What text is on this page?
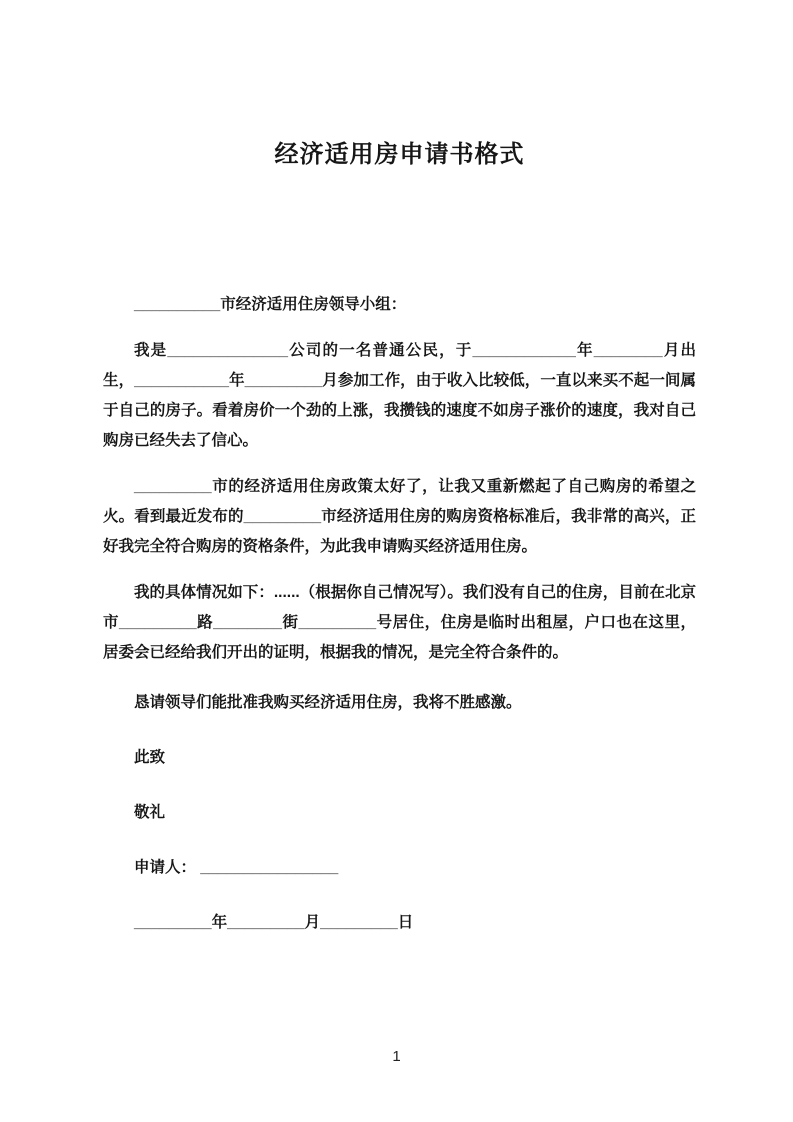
经济适用房申请书格式

__________市经济适用住房领导小组：

我是______________公司的一名普通公民，于____________年________月出生，___________年_________月参加工作，由于收入比较低，一直以来买不起一间属于自己的房子。看着房价一个劲的上涨，我攒钱的速度不如房子涨价的速度，我对自己购房已经失去了信心。

_________市的经济适用住房政策太好了，让我又重新燃起了自己购房的希望之火。看到最近发布的_________市经济适用住房的购房资格标准后，我非常的高兴，正好我完全符合购房的资格条件，为此我申请购买经济适用住房。

我的具体情况如下：......（根据你自己情况写）。我们没有自己的住房，目前在北京市_________路________街_________号居住，住房是临时出租屋，户口也在这里，居委会已经给我们开出的证明，根据我的情况，是完全符合条件的。

恳请领导们能批准我购买经济适用住房，我将不胜感激。

此致

敬礼

申请人： ________________

_________年_________月_________日

1
